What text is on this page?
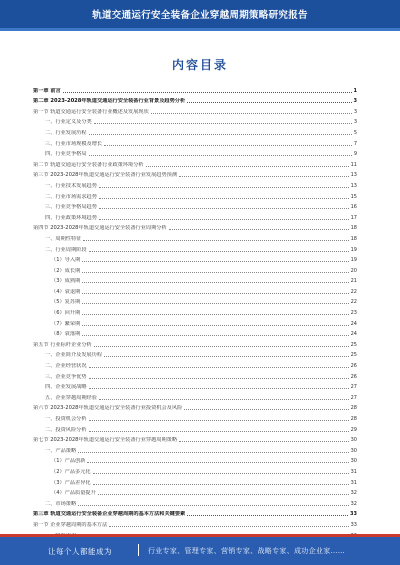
轨道交通运行安全装备企业穿越周期策略研究报告
内容目录
第一章 前言	1
第二章 2023-2028年轨道交通运行安全装备行业背景及趋势分析	3
第一节 轨道交通运行安全装备行业概述及发展现状	3
一、行业定义及分类	3
二、行业发展历程	5
三、行业市场规模及增长	7
四、行业竞争格局	9
第二节 轨道交通运行安全装备行业政策环境分析	11
第三节 2023-2028年轨道交通运行安全装备行业发展趋势预测	13
一、行业技术发展趋势	13
二、行业市场需求趋势	15
三、行业竞争格局趋势	16
四、行业政策环境趋势	17
第四节 2023-2028年轨道交通运行安全装备行业周期分析	18
一、周期性特征	18
二、行业周期阶段	19
（1）导入期	19
（2）成长期	20
（3）成熟期	21
（4）衰退期	22
（5）复苏期	22
（6）回升期	23
（7）繁荣期	24
（8）衰落期	24
第五节 行业标杆企业分析	25
一、企业简介及发展历程	25
二、企业经营状况	26
三、企业竞争优势	26
四、企业发展战略	27
五、企业穿越周期经验	27
第六节 2023-2028年轨道交通运行安全装备行业投资机会及风险	28
一、投资机会分析	28
二、投资风险分析	29
第七节 2023-2028年轨道交通运行安全装备行业穿越周期策略	30
一、产品策略	30
（1）产品创新	30
（2）产品多元化	31
（3）产品差异化	31
（4）产品质量提升	32
二、市场策略	32
第三章 轨道交通运行安全装备企业穿越周期的基本方法和关键要素	33
第一节 企业穿越周期的基本方法	33
让每个人都能成为	行业专家、管理专家、营销专家、战略专家、成功企业家……
